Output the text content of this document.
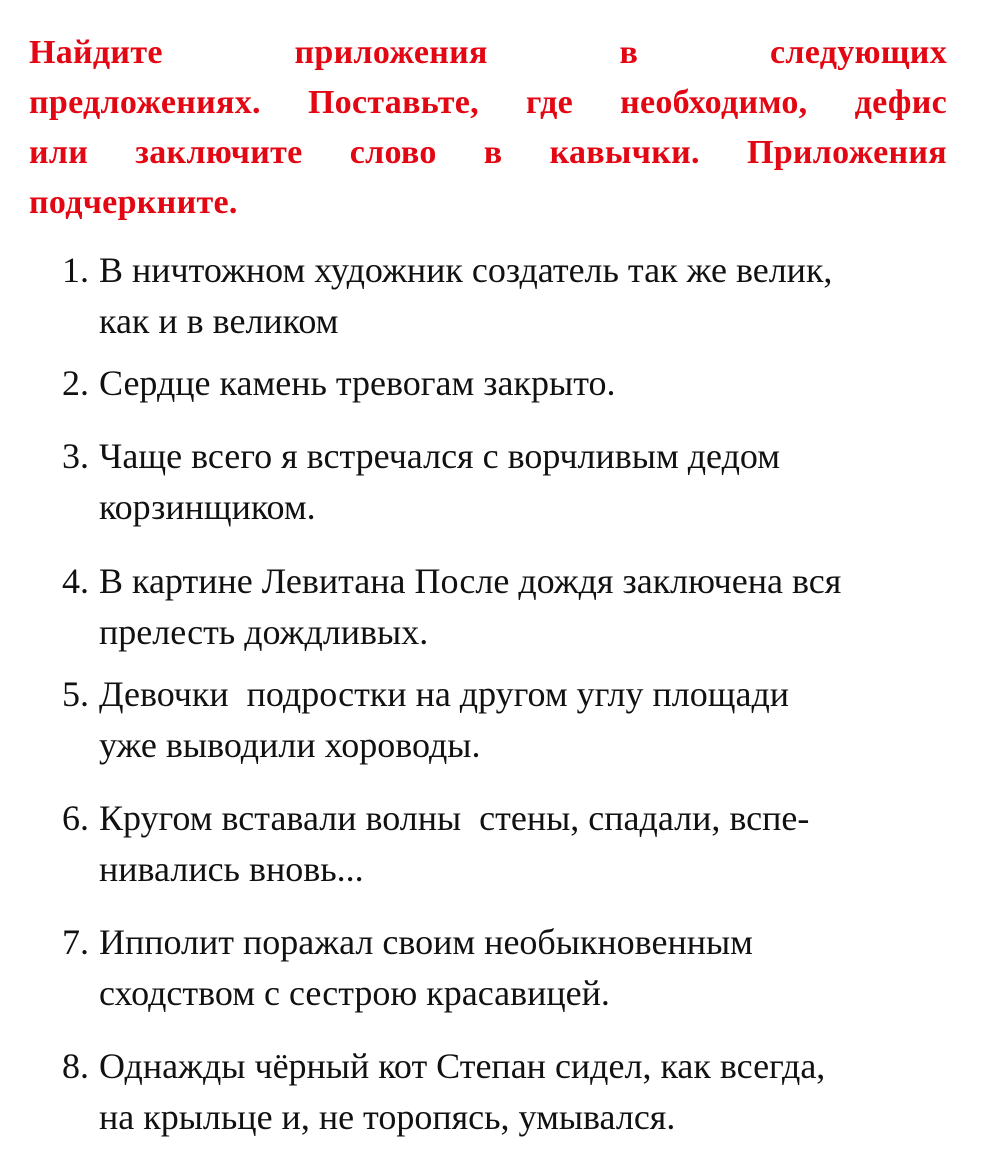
Найдите приложения в следующих
предложениях. Поставьте, где необходимо, дефис
или заключите слово в кавычки. Приложения
подчеркните.
1. В ничтожном художник создатель так же велик,
как и в великом
2. Сердце камень тревогам закрыто.
3. Чаще всего я встречался с ворчливым дедом
корзинщиком.
4. В картине Левитана После дождя заключена вся
прелесть дождливых.
5. Девочки  подростки на другом углу площади
уже выводили хороводы.
6. Кругом вставали волны  стены, спадали, вспе-
нивались вновь...
7. Ипполит поражал своим необыкновенным
сходством с сестрою красавицей.
8. Однажды чёрный кот Степан сидел, как всегда,
на крыльце и, не торопясь, умывался.
